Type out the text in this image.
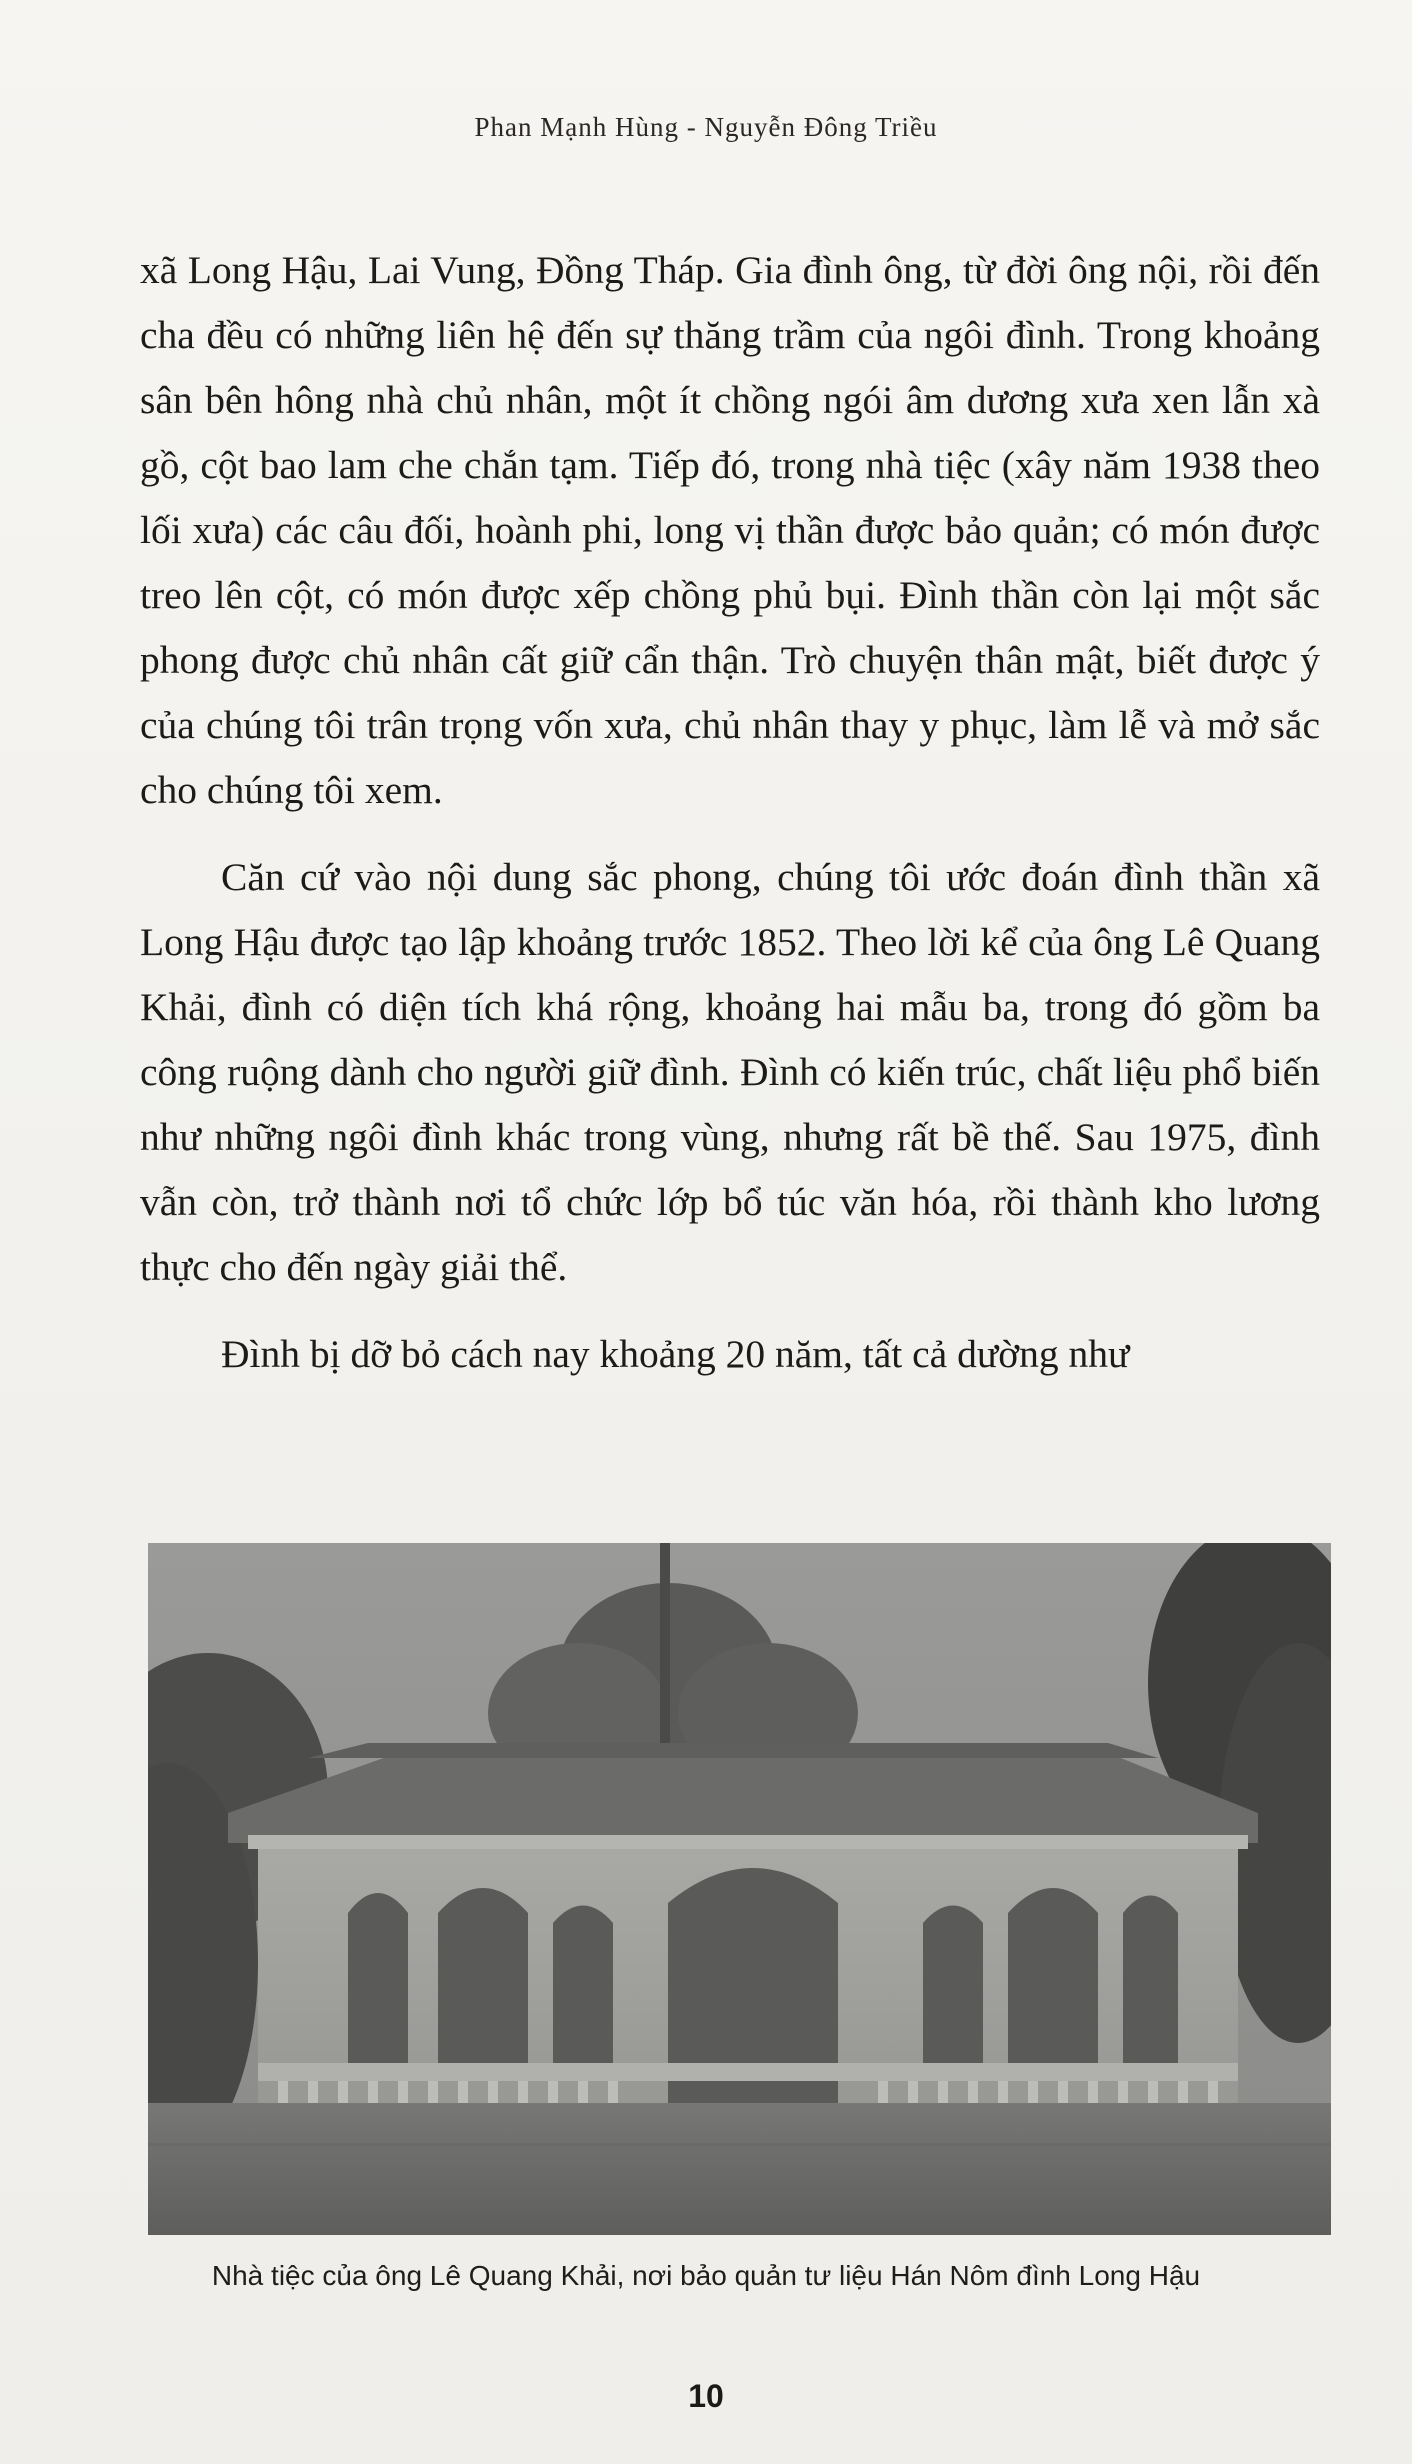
Phan Mạnh Hùng - Nguyễn Đông Triều

xã Long Hậu, Lai Vung, Đồng Tháp. Gia đình ông, từ đời ông nội, rồi đến cha đều có những liên hệ đến sự thăng trầm của ngôi đình. Trong khoảng sân bên hông nhà chủ nhân, một ít chồng ngói âm dương xưa xen lẫn xà gồ, cột bao lam che chắn tạm. Tiếp đó, trong nhà tiệc (xây năm 1938 theo lối xưa) các câu đối, hoành phi, long vị thần được bảo quản; có món được treo lên cột, có món được xếp chồng phủ bụi. Đình thần còn lại một sắc phong được chủ nhân cất giữ cẩn thận. Trò chuyện thân mật, biết được ý của chúng tôi trân trọng vốn xưa, chủ nhân thay y phục, làm lễ và mở sắc cho chúng tôi xem.

Căn cứ vào nội dung sắc phong, chúng tôi ước đoán đình thần xã Long Hậu được tạo lập khoảng trước 1852. Theo lời kể của ông Lê Quang Khải, đình có diện tích khá rộng, khoảng hai mẫu ba, trong đó gồm ba công ruộng dành cho người giữ đình. Đình có kiến trúc, chất liệu phổ biến như những ngôi đình khác trong vùng, nhưng rất bề thế. Sau 1975, đình vẫn còn, trở thành nơi tổ chức lớp bổ túc văn hóa, rồi thành kho lương thực cho đến ngày giải thể.

Đình bị dỡ bỏ cách nay khoảng 20 năm, tất cả dường như

Nhà tiệc của ông Lê Quang Khải, nơi bảo quản tư liệu Hán Nôm đình Long Hậu
10
